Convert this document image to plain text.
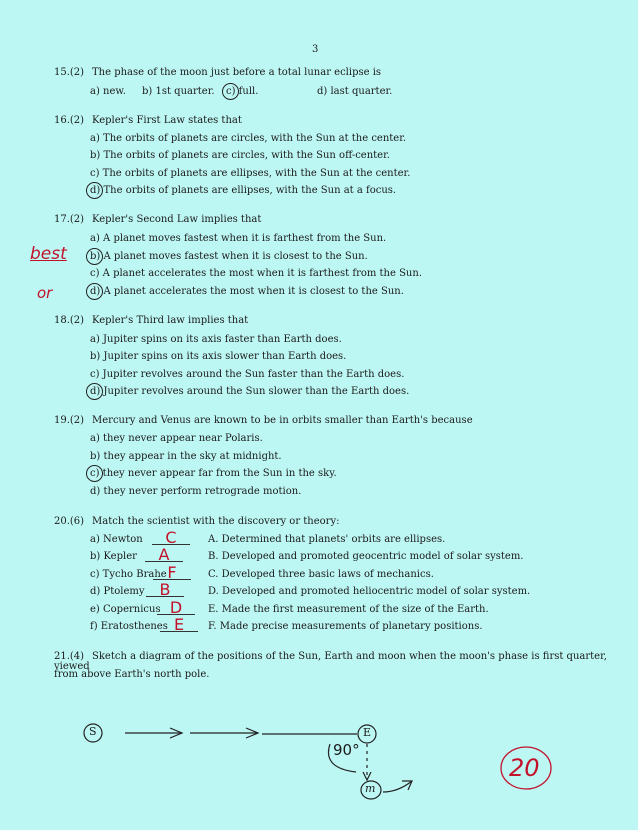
3
15.(2) The phase of the moon just before a total lunar eclipse is
a) new. b) 1st quarter. c) full.	d) last quarter.
16.(2) Kepler's First Law states that
a) The orbits of planets are circles, with the Sun at the center.
b) The orbits of planets are circles, with the Sun off-center.
c) The orbits of planets are ellipses, with the Sun at the center.
d) The orbits of planets are ellipses, with the Sun at a focus.
17.(2) Kepler's Second Law implies that
a) A planet moves fastest when it is farthest from the Sun.
b) A planet moves fastest when it is closest to the Sun.
c) A planet accelerates the most when it is farthest from the Sun.
d) A planet accelerates the most when it is closest to the Sun.
best
or
18.(2) Kepler's Third law implies that
a) Jupiter spins on its axis faster than Earth does.
b) Jupiter spins on its axis slower than Earth does.
c) Jupiter revolves around the Sun faster than the Earth does.
d) Jupiter revolves around the Sun slower than the Earth does.
19.(2) Mercury and Venus are known to be in orbits smaller than Earth's because
a) they never appear near Polaris.
b) they appear in the sky at midnight.
c) they never appear far from the Sun in the sky.
d) they never perform retrograde motion.
20.(6) Match the scientist with the discovery or theory:
a) Newton
b) Kepler
c) Tycho Brahe
d) Ptolemy
e) Copernicus
f) Eratosthenes
C
A
F
B
D
E
A. Determined that planets' orbits are ellipses.
B. Developed and promoted geocentric model of solar system.
C. Developed three basic laws of mechanics.
D. Developed and promoted heliocentric model of solar system.
E. Made the first measurement of the size of the Earth.
F. Made precise measurements of planetary positions.
21.(4) Sketch a diagram of the positions of the Sun, Earth and moon when the moon's phase is first quarter, viewed
from above Earth's north pole.
S	E
m
90°
20
